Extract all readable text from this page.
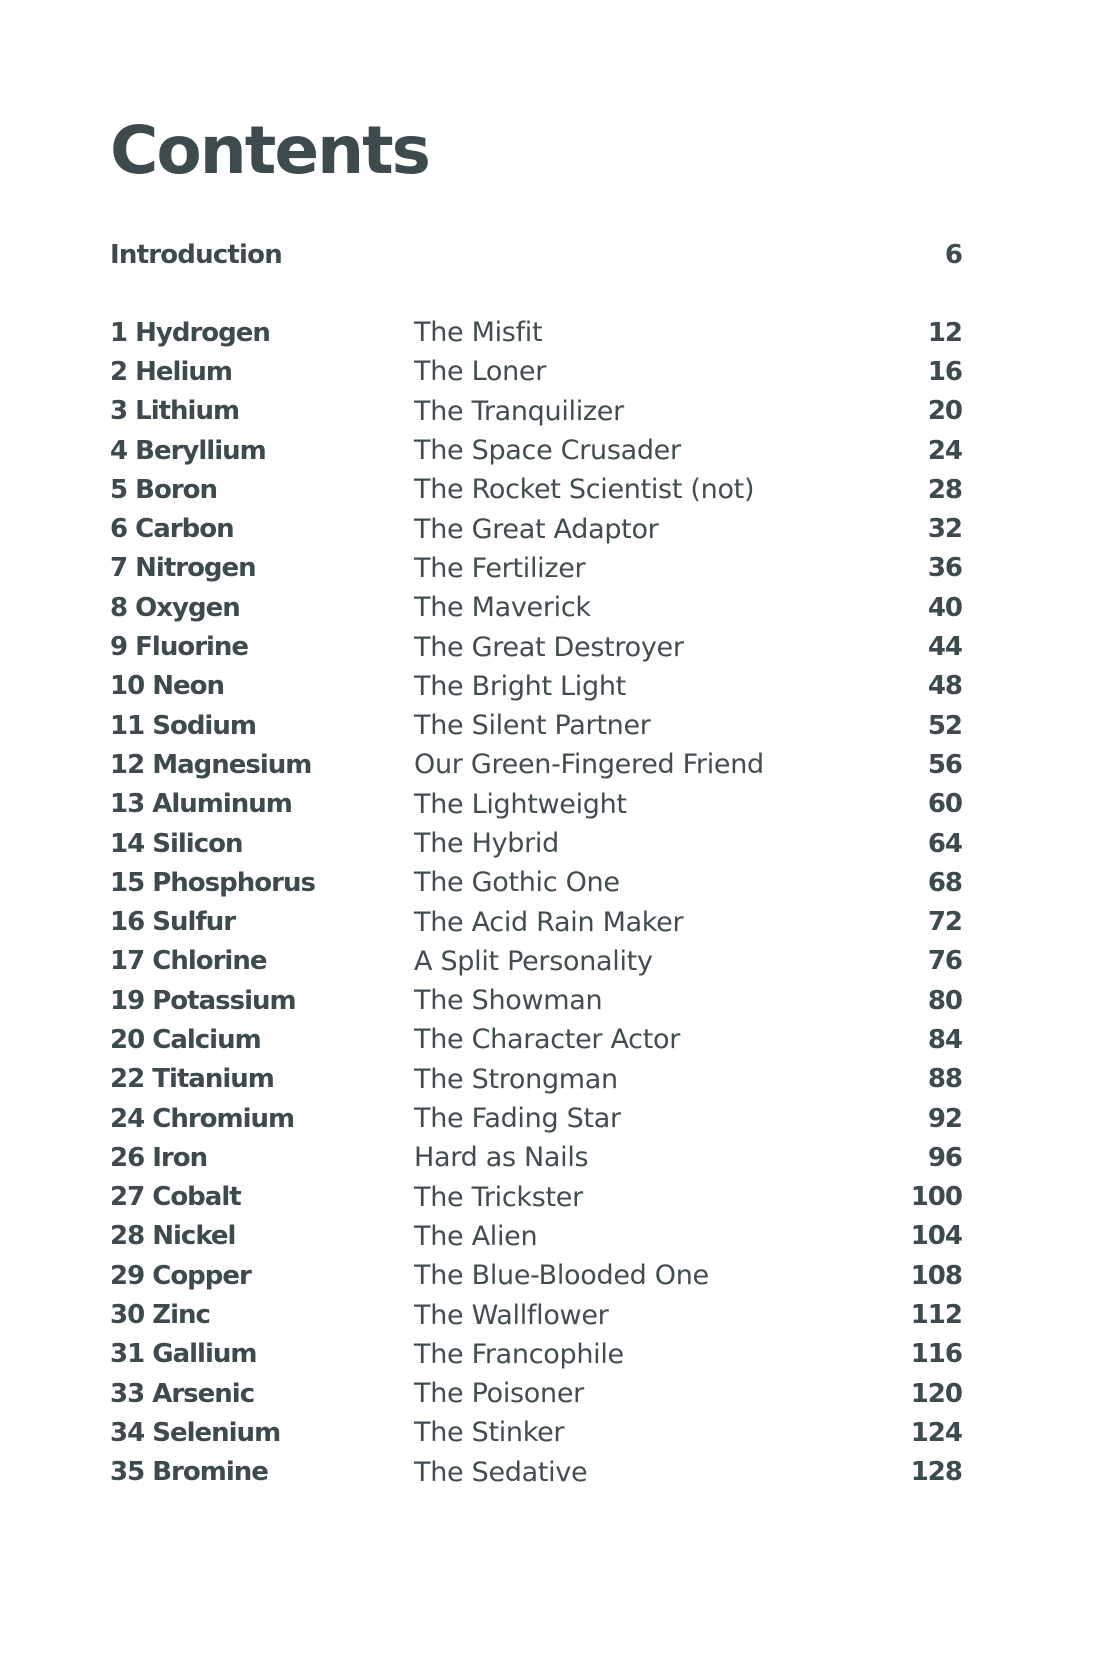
Contents
Introduction	6
1 Hydrogen	The Misfit	12
2 Helium	The Loner	16
3 Lithium	The Tranquilizer	20
4 Beryllium	The Space Crusader	24
5 Boron	The Rocket Scientist (not)	28
6 Carbon	The Great Adaptor	32
7 Nitrogen	The Fertilizer	36
8 Oxygen	The Maverick	40
9 Fluorine	The Great Destroyer	44
10 Neon	The Bright Light	48
11 Sodium	The Silent Partner	52
12 Magnesium	Our Green-Fingered Friend	56
13 Aluminum	The Lightweight	60
14 Silicon	The Hybrid	64
15 Phosphorus	The Gothic One	68
16 Sulfur	The Acid Rain Maker	72
17 Chlorine	A Split Personality	76
19 Potassium	The Showman	80
20 Calcium	The Character Actor	84
22 Titanium	The Strongman	88
24 Chromium	The Fading Star	92
26 Iron	Hard as Nails	96
27 Cobalt	The Trickster	100
28 Nickel	The Alien	104
29 Copper	The Blue-Blooded One	108
30 Zinc	The Wallflower	112
31 Gallium	The Francophile	116
33 Arsenic	The Poisoner	120
34 Selenium	The Stinker	124
35 Bromine	The Sedative	128
